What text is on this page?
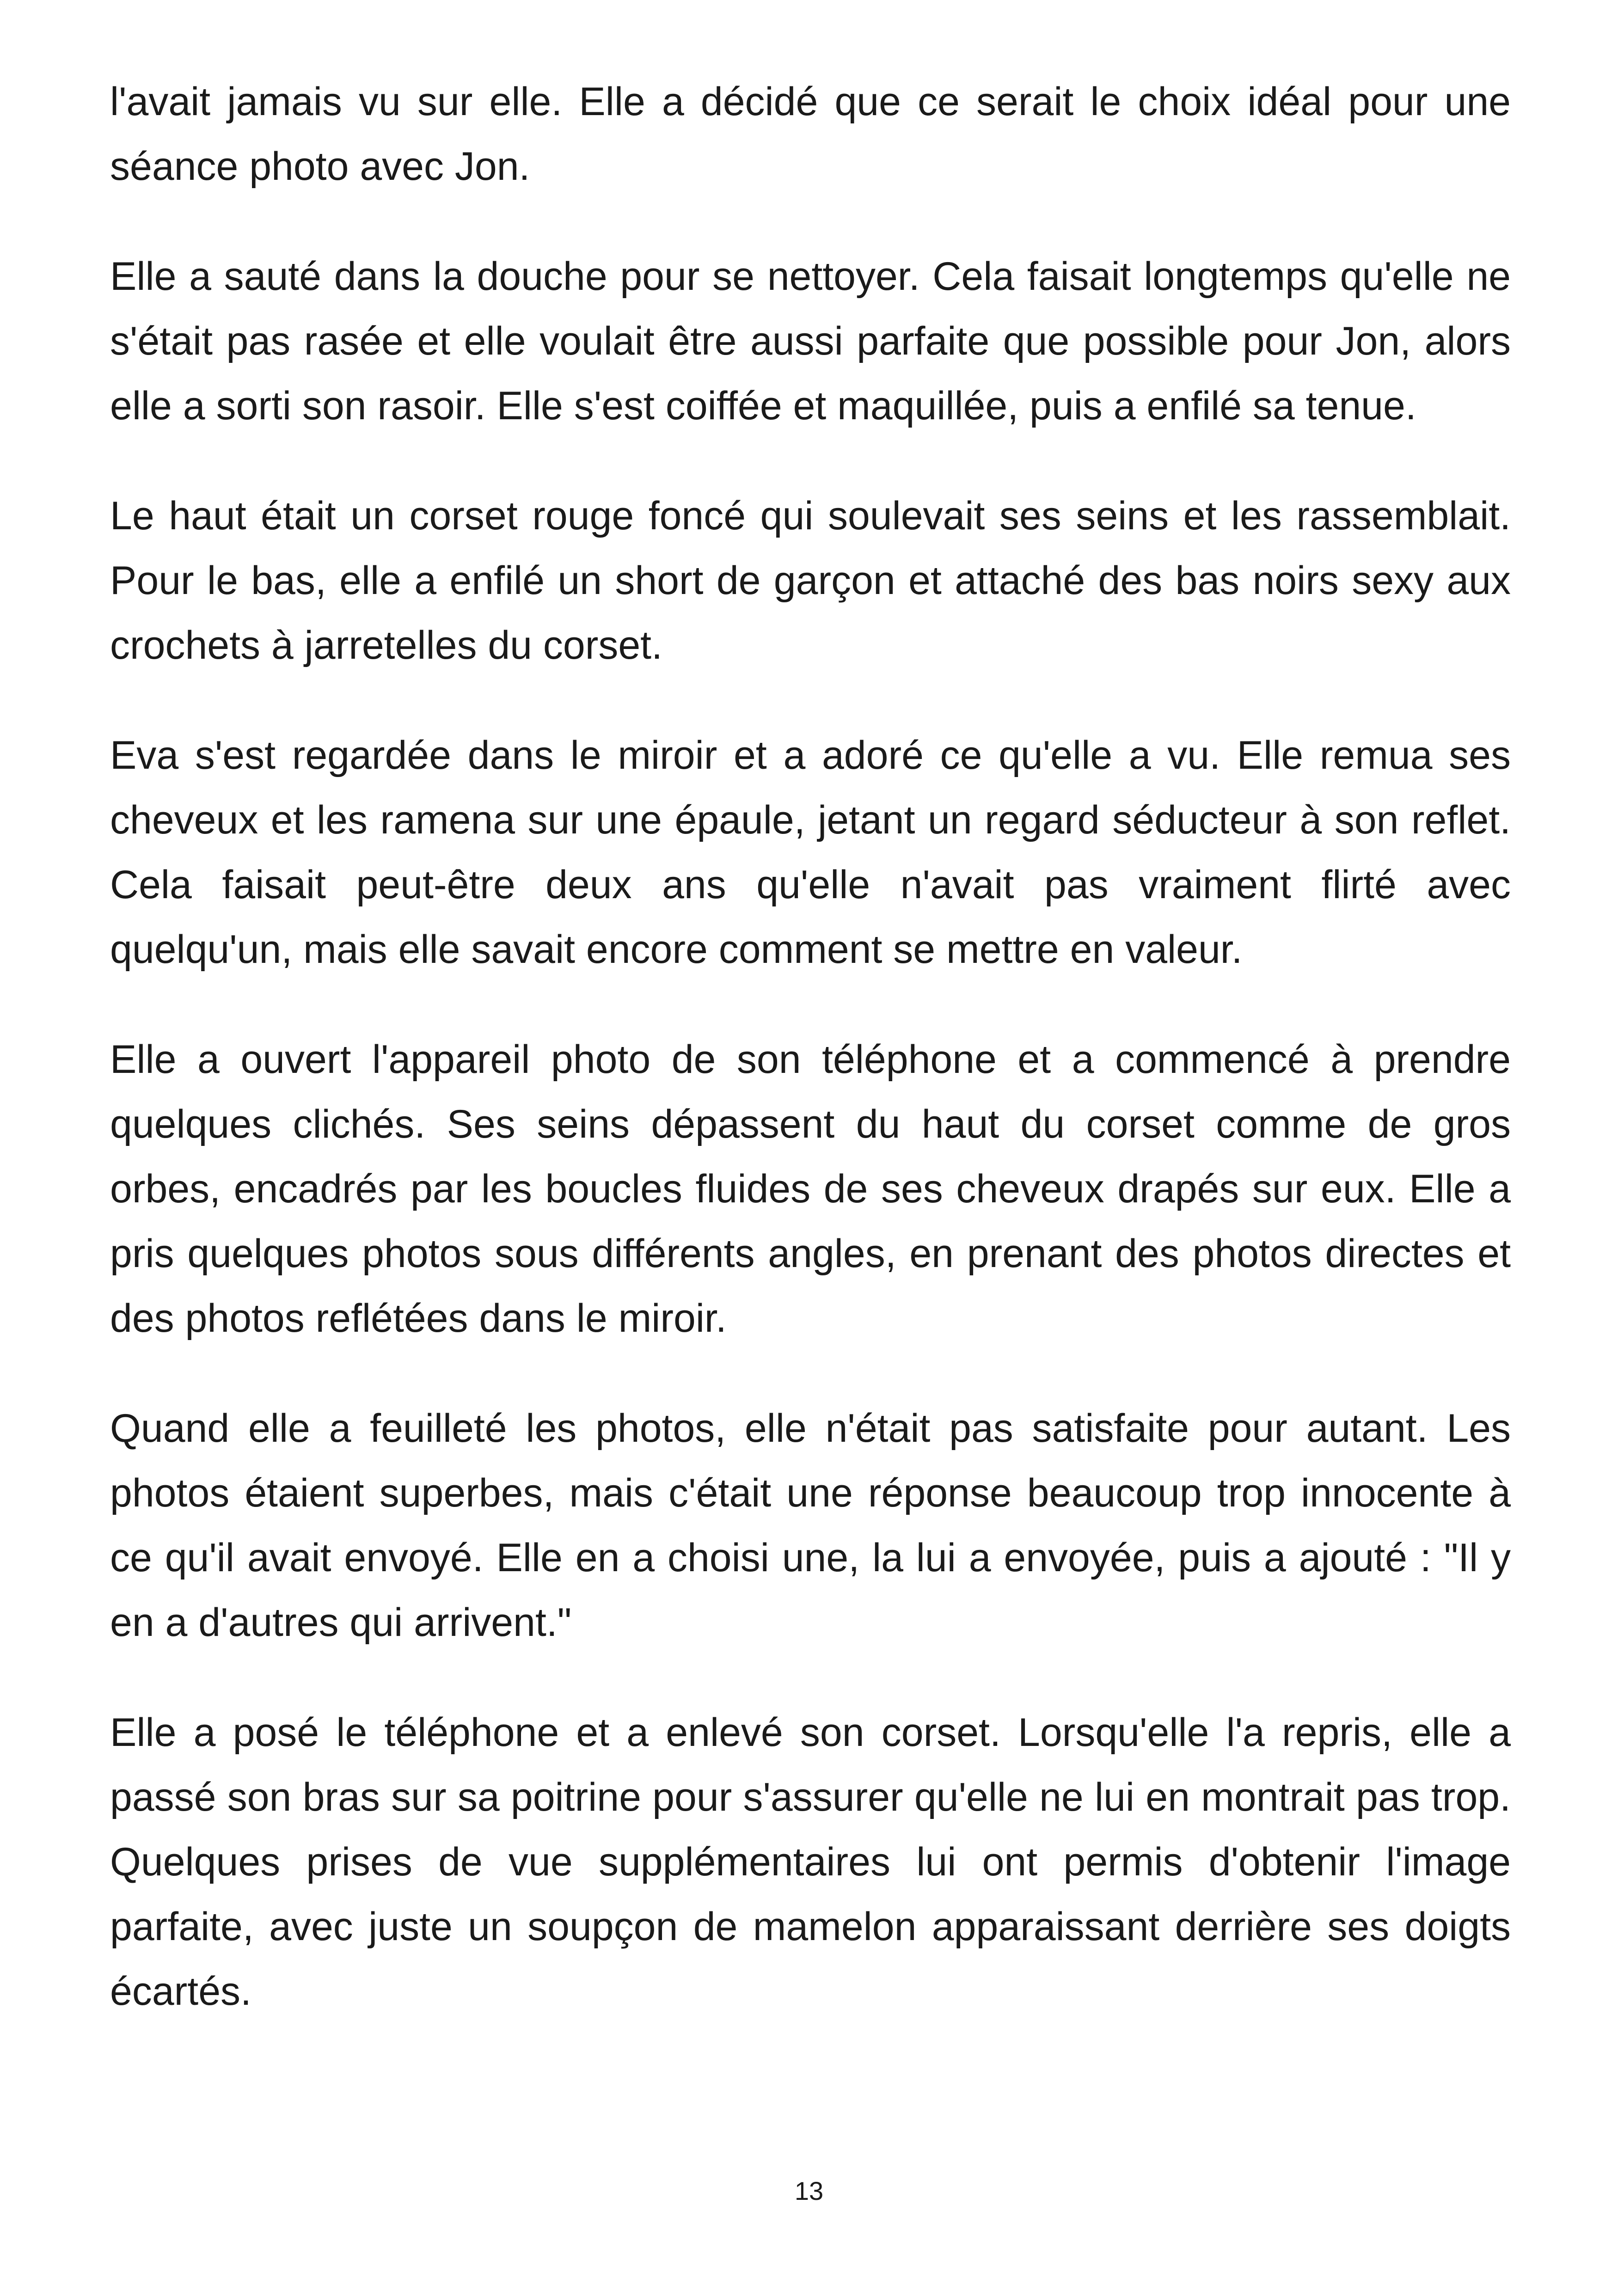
l'avait jamais vu sur elle. Elle a décidé que ce serait le choix idéal pour une séance photo avec Jon.

Elle a sauté dans la douche pour se nettoyer. Cela faisait longtemps qu'elle ne s'était pas rasée et elle voulait être aussi parfaite que possible pour Jon, alors elle a sorti son rasoir. Elle s'est coiffée et maquillée, puis a enfilé sa tenue.

Le haut était un corset rouge foncé qui soulevait ses seins et les rassemblait. Pour le bas, elle a enfilé un short de garçon et attaché des bas noirs sexy aux crochets à jarretelles du corset.

Eva s'est regardée dans le miroir et a adoré ce qu'elle a vu. Elle remua ses cheveux et les ramena sur une épaule, jetant un regard séducteur à son reflet. Cela faisait peut-être deux ans qu'elle n'avait pas vraiment flirté avec quelqu'un, mais elle savait encore comment se mettre en valeur.

Elle a ouvert l'appareil photo de son téléphone et a commencé à prendre quelques clichés. Ses seins dépassent du haut du corset comme de gros orbes, encadrés par les boucles fluides de ses cheveux drapés sur eux. Elle a pris quelques photos sous différents angles, en prenant des photos directes et des photos reflétées dans le miroir.

Quand elle a feuilleté les photos, elle n'était pas satisfaite pour autant. Les photos étaient superbes, mais c'était une réponse beaucoup trop innocente à ce qu'il avait envoyé. Elle en a choisi une, la lui a envoyée, puis a ajouté : "Il y en a d'autres qui arrivent."

Elle a posé le téléphone et a enlevé son corset. Lorsqu'elle l'a repris, elle a passé son bras sur sa poitrine pour s'assurer qu'elle ne lui en montrait pas trop. Quelques prises de vue supplémentaires lui ont permis d'obtenir l'image parfaite, avec juste un soupçon de mamelon apparaissant derrière ses doigts écartés.

13
